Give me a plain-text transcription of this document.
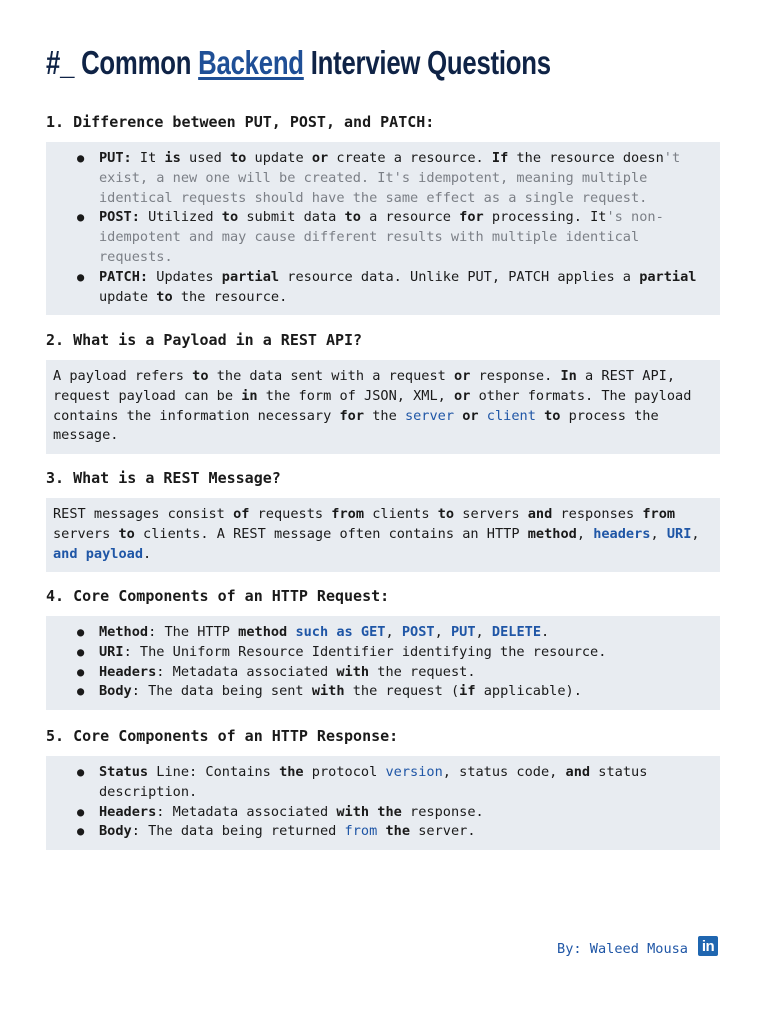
#_ Common Backend Interview Questions
1. Difference between PUT, POST, and PATCH:
● PUT: It is used to update or create a resource. If the resource doesn't exist, a new one will be created. It's idempotent, meaning multiple identical requests should have the same effect as a single request.
● POST: Utilized to submit data to a resource for processing. It's non-idempotent and may cause different results with multiple identical requests.
● PATCH: Updates partial resource data. Unlike PUT, PATCH applies a partial update to the resource.
2. What is a Payload in a REST API?

A payload refers to the data sent with a request or response. In a REST API, request payload can be in the form of JSON, XML, or other formats. The payload contains the information necessary for the server or client to process the message.

3. What is a REST Message?

REST messages consist of requests from clients to servers and responses from servers to clients. A REST message often contains an HTTP method, headers, URI, and payload.

4. Core Components of an HTTP Request:
● Method: The HTTP method such as GET, POST, PUT, DELETE.
● URI: The Uniform Resource Identifier identifying the resource.
● Headers: Metadata associated with the request.
● Body: The data being sent with the request (if applicable).
5. Core Components of an HTTP Response:
● Status Line: Contains the protocol version, status code, and status description.
● Headers: Metadata associated with the response.
● Body: The data being returned from the server.
By: Waleed Mousa in
